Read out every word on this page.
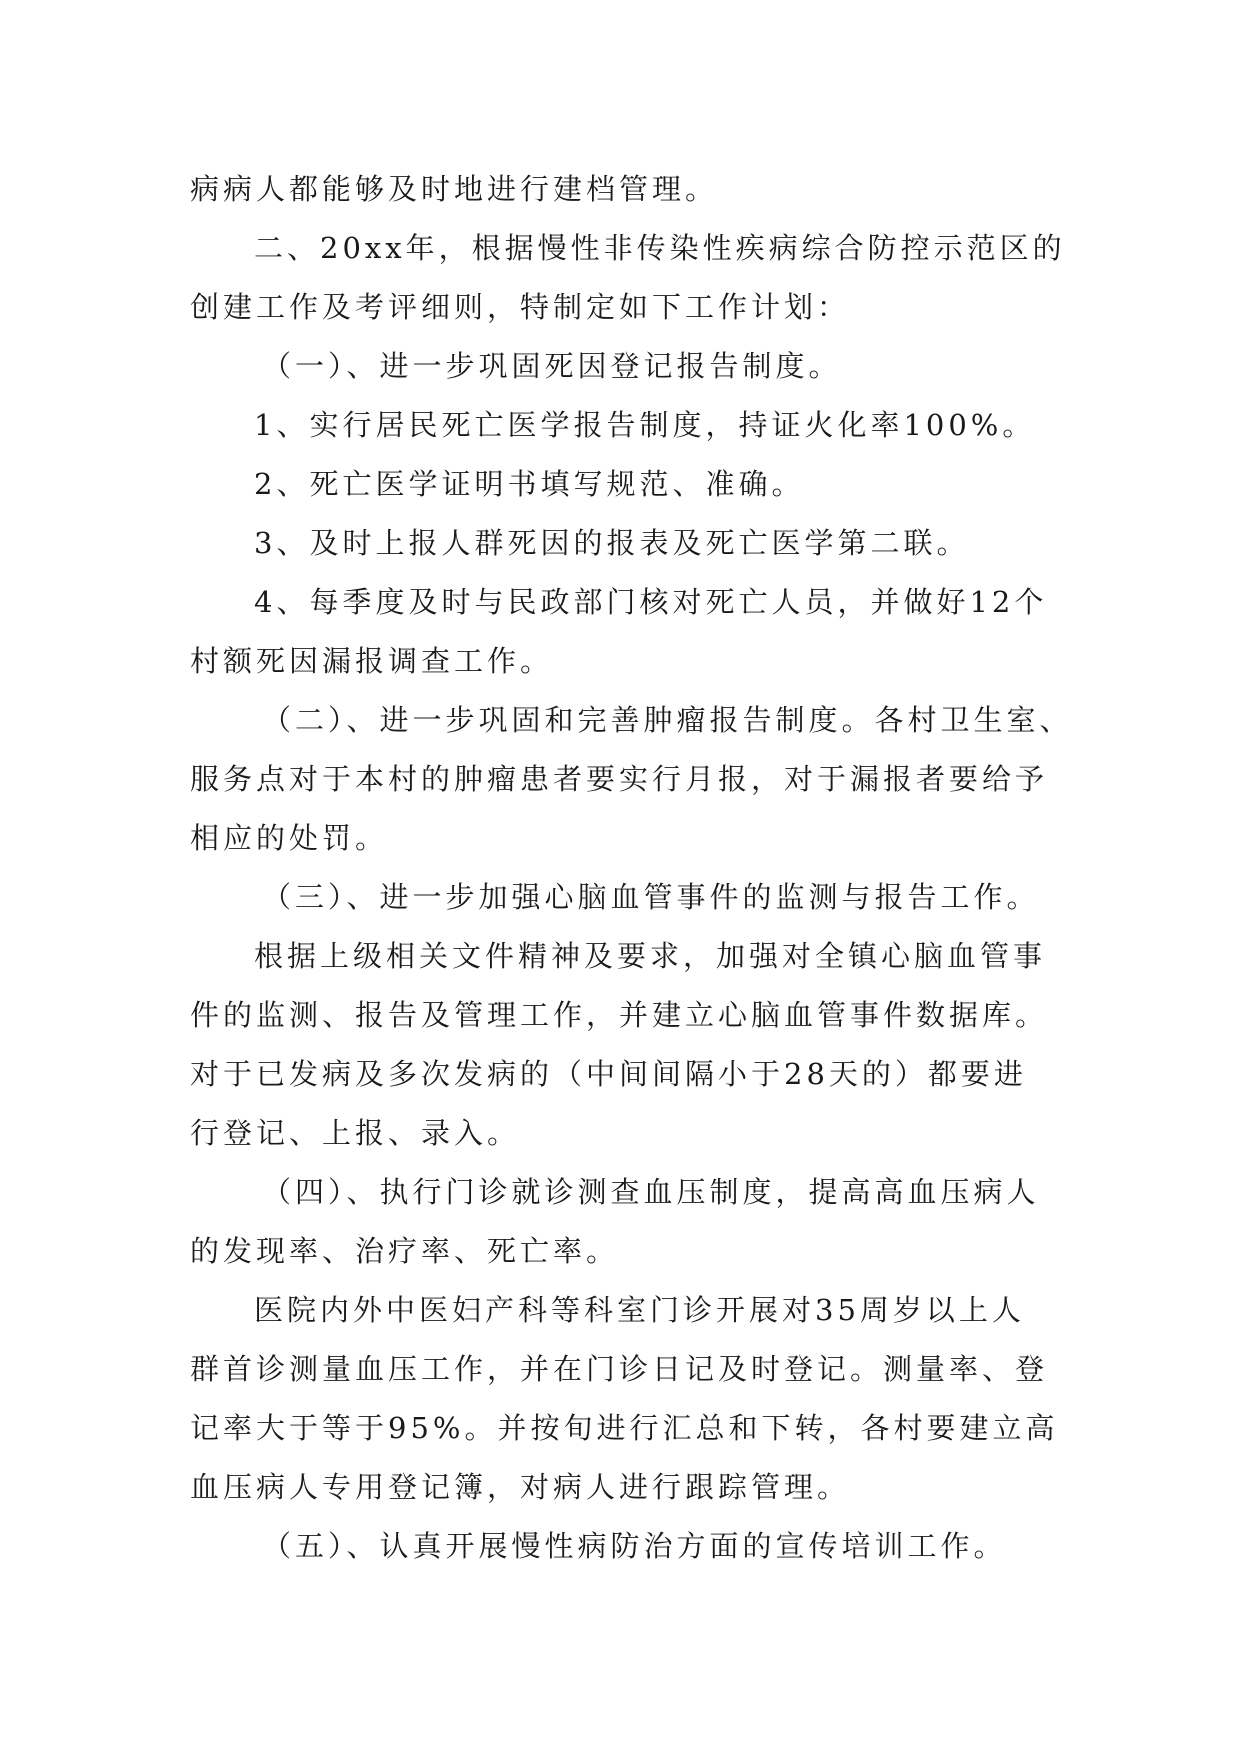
病病人都能够及时地进行建档管理。
二、20xx年，根据慢性非传染性疾病综合防控示范区的
创建工作及考评细则，特制定如下工作计划：
（一）、进一步巩固死因登记报告制度。
1、实行居民死亡医学报告制度，持证火化率100%。
2、死亡医学证明书填写规范、准确。
3、及时上报人群死因的报表及死亡医学第二联。
4、每季度及时与民政部门核对死亡人员，并做好12个
村额死因漏报调查工作。
（二）、进一步巩固和完善肿瘤报告制度。各村卫生室、
服务点对于本村的肿瘤患者要实行月报，对于漏报者要给予
相应的处罚。
（三）、进一步加强心脑血管事件的监测与报告工作。
根据上级相关文件精神及要求，加强对全镇心脑血管事
件的监测、报告及管理工作，并建立心脑血管事件数据库。
对于已发病及多次发病的（中间间隔小于28天的）都要进
行登记、上报、录入。
（四）、执行门诊就诊测查血压制度，提高高血压病人
的发现率、治疗率、死亡率。
医院内外中医妇产科等科室门诊开展对35周岁以上人
群首诊测量血压工作，并在门诊日记及时登记。测量率、登
记率大于等于95%。并按旬进行汇总和下转，各村要建立高
血压病人专用登记簿，对病人进行跟踪管理。
（五）、认真开展慢性病防治方面的宣传培训工作。
